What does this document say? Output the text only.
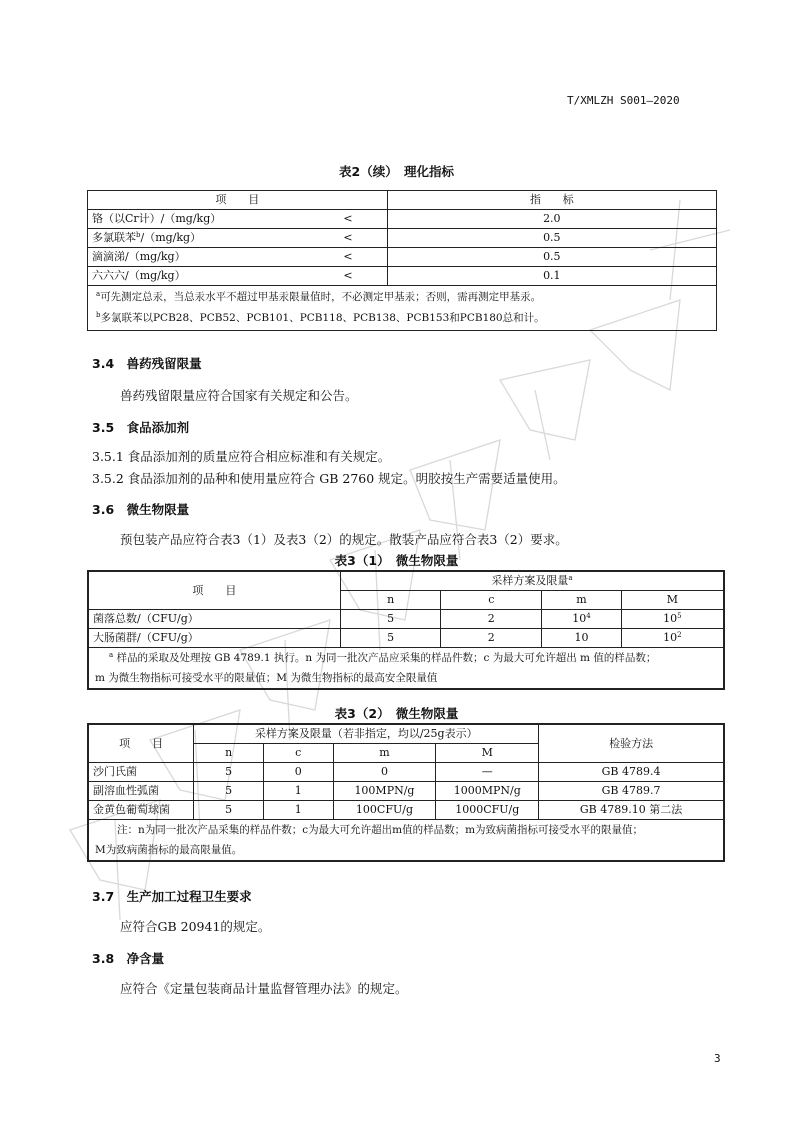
T/XMLZH S001—2020
表2（续）　理化指标
项　　目	指　　标
铬（以Cr计）/（mg/kg） <	2.0
多氯联苯$^b$/（mg/kg） <	0.5
滴滴涕/（mg/kg） <	0.5
六六六/（mg/kg） <	0.1

$^a$可先测定总汞，当总汞水平不超过甲基汞限量值时，不必测定甲基汞；否则，需再测定甲基汞。
$^b$多氯联苯以PCB28、PCB52、PCB101、PCB118、PCB138、PCB153和PCB180总和计。	
3.4　兽药残留限量
兽药残留限量应符合国家有关规定和公告。
3.5　食品添加剂
3.5.1 食品添加剂的质量应符合相应标准和有关规定。
3.5.2 食品添加剂的品种和使用量应符合 GB 2760 规定。明胶按生产需要适量使用。
3.6　微生物限量
预包装产品应符合表3（1）及表3（2）的规定。散装产品应符合表3（2）要求。
表3（1）　微生物限量
项　　目	采样方案及限量$^a$
	n	c	m	M
菌落总数/（CFU/g）	5	2	$10^4$	$10^5$
大肠菌群/（CFU/g）	5	2	10	$10^2$

$^a$ 样品的采取及处理按 GB 4789.1 执行。n 为同一批次产品应采集的样品件数；c 为最大可允许超出 m 值的样品数；
m 为微生物指标可接受水平的限量值；M 为微生物指标的最高安全限量值				
表3（2）　微生物限量
项　　目	采样方案及限量（若非指定，均以/25g表示）				检验方法
	n	c	m	M	
沙门氏菌	5	0	0	—	GB 4789.4
副溶血性弧菌	5	1	100MPN/g	1000MPN/g	GB 4789.7
金黄色葡萄球菌	5	1	100CFU/g	1000CFU/g	GB 4789.10 第二法

注：n为同一批次产品采集的样品件数；c为最大可允许超出m值的样品数；m为致病菌指标可接受水平的限量值；
M为致病菌指标的最高限量值。					
3.7　生产加工过程卫生要求
应符合GB 20941的规定。
3.8　净含量
应符合《定量包装商品计量监督管理办法》的规定。
3
